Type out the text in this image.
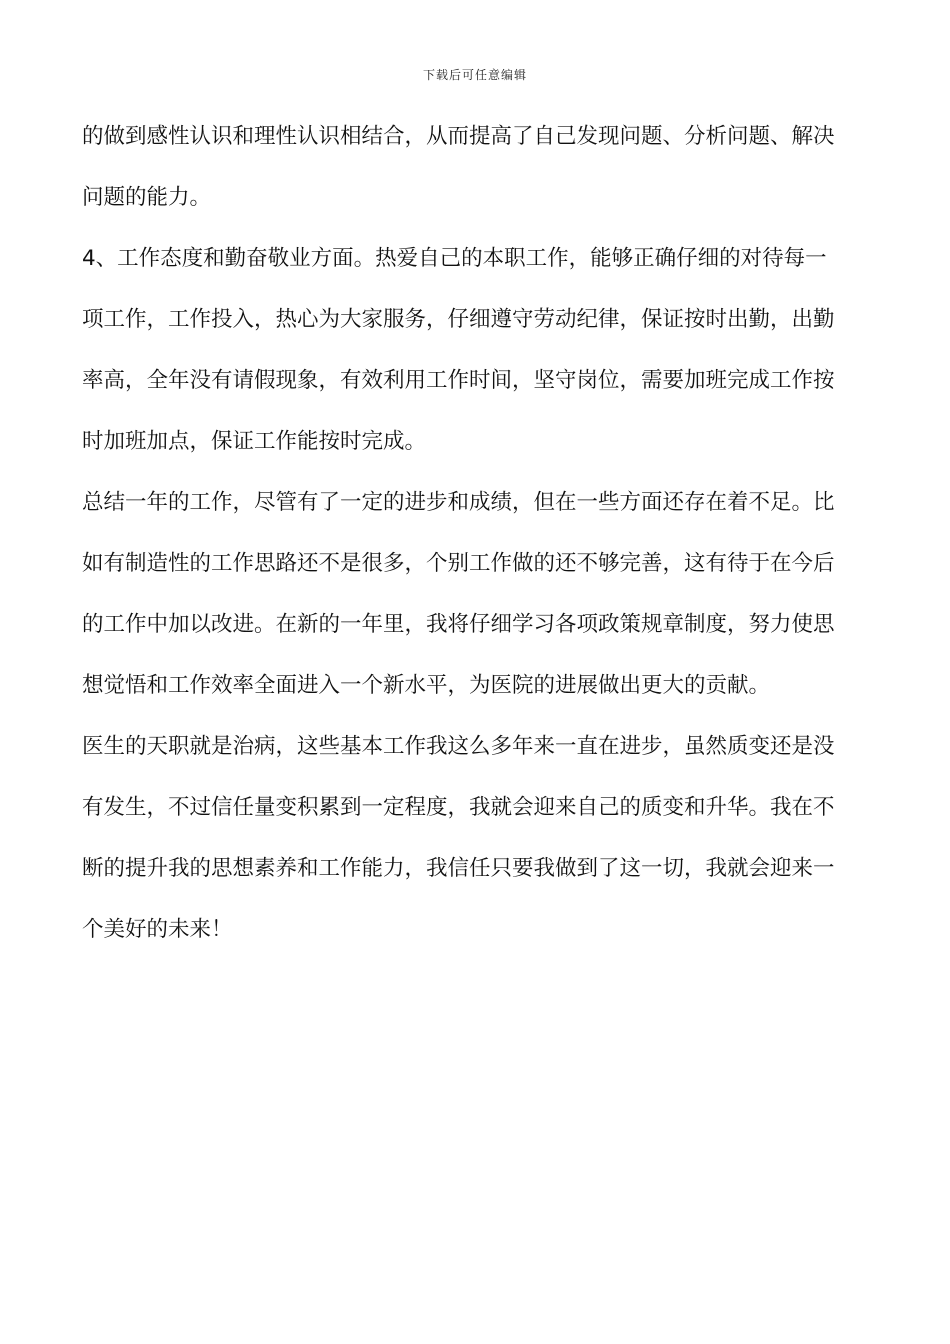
下载后可任意编辑
的做到感性认识和理性认识相结合，从而提高了自己发现问题、分析问题、解决
问题的能力。
4、工作态度和勤奋敬业方面。热爱自己的本职工作，能够正确仔细的对待每一
项工作，工作投入，热心为大家服务，仔细遵守劳动纪律，保证按时出勤，出勤
率高，全年没有请假现象，有效利用工作时间，坚守岗位，需要加班完成工作按
时加班加点，保证工作能按时完成。
总结一年的工作，尽管有了一定的进步和成绩，但在一些方面还存在着不足。比
如有制造性的工作思路还不是很多，个别工作做的还不够完善，这有待于在今后
的工作中加以改进。在新的一年里，我将仔细学习各项政策规章制度，努力使思
想觉悟和工作效率全面进入一个新水平，为医院的进展做出更大的贡献。
医生的天职就是治病，这些基本工作我这么多年来一直在进步，虽然质变还是没
有发生，不过信任量变积累到一定程度，我就会迎来自己的质变和升华。我在不
断的提升我的思想素养和工作能力，我信任只要我做到了这一切，我就会迎来一
个美好的未来！
